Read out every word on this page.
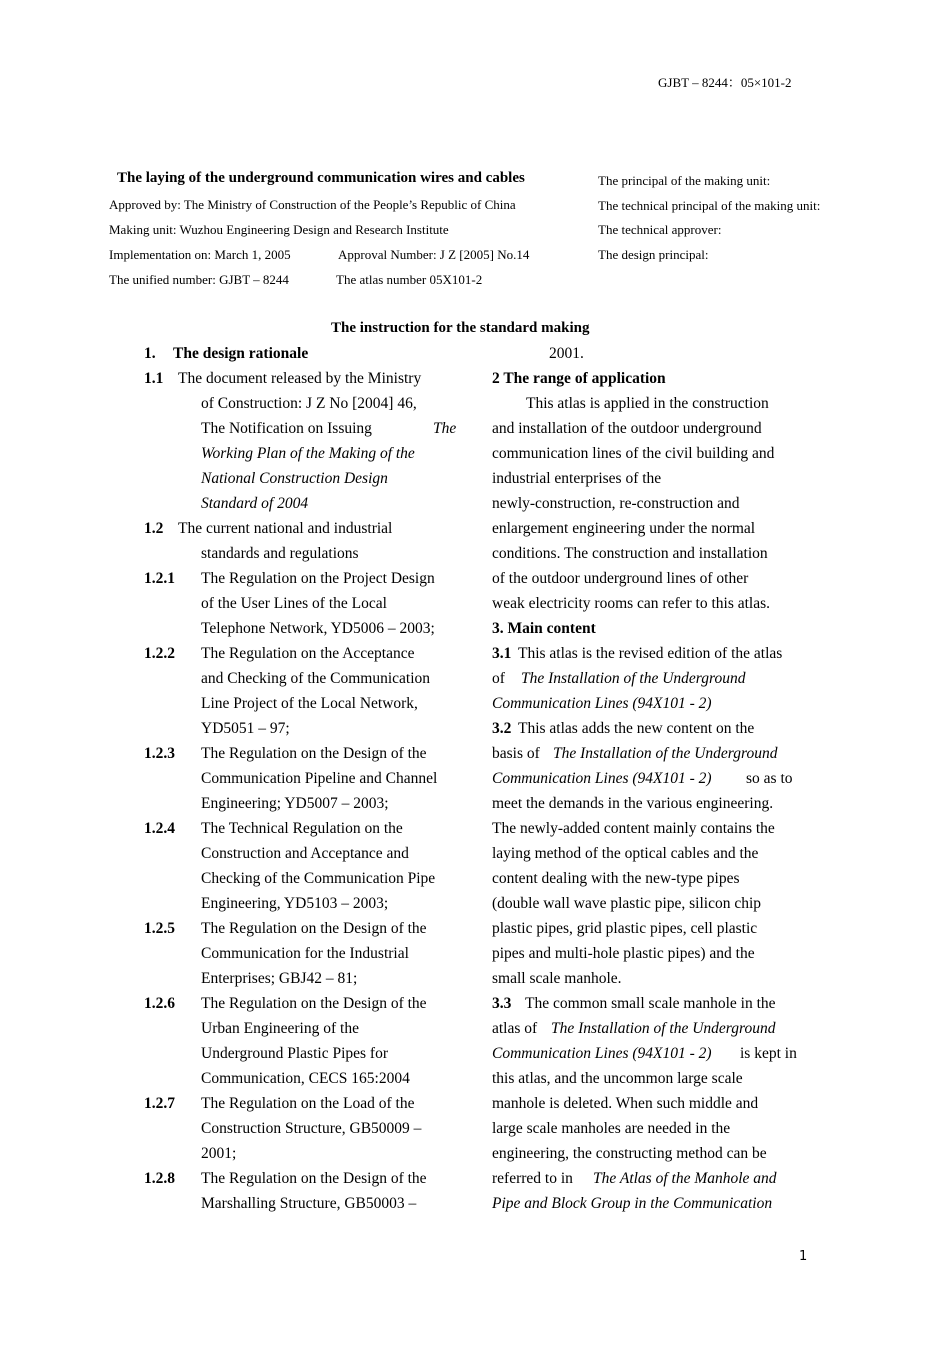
GJBT – 8244：05×101-2
The laying of the underground communication wires and cables
Approved by: The Ministry of Construction of the People’s Republic of China
Making unit: Wuzhou Engineering Design and Research Institute
Implementation on: March 1, 2005	Approval Number: J Z [2005] No.14
The unified number: GJBT – 8244	The atlas number 05X101-2
The principal of the making unit:
The technical principal of the making unit:
The technical approver:
The design principal:
The instruction for the standard making
1. The design rationale
1.1 The document released by the Ministry
of Construction: J Z No [2004] 46,
The Notification on Issuing	The
Working Plan of the Making of the
National Construction Design
Standard of 2004
1.2 The current national and industrial
standards and regulations
1.2.1 The Regulation on the Project Design
of the User Lines of the Local
Telephone Network, YD5006 – 2003;
1.2.2 The Regulation on the Acceptance
and Checking of the Communication
Line Project of the Local Network,
YD5051 – 97;
1.2.3 The Regulation on the Design of the
Communication Pipeline and Channel
Engineering; YD5007 – 2003;
1.2.4 The Technical Regulation on the
Construction and Acceptance and
Checking of the Communication Pipe
Engineering, YD5103 – 2003;
1.2.5 The Regulation on the Design of the
Communication for the Industrial
Enterprises; GBJ42 – 81;
1.2.6 The Regulation on the Design of the
Urban Engineering of the
Underground Plastic Pipes for
Communication, CECS 165:2004
1.2.7 The Regulation on the Load of the
Construction Structure, GB50009 –
2001;
1.2.8 The Regulation on the Design of the
Marshalling Structure, GB50003 –
2001.
2 The range of application
This atlas is applied in the construction
and installation of the outdoor underground
communication lines of the civil building and
industrial enterprises of the
newly-construction, re-construction and
enlargement engineering under the normal
conditions. The construction and installation
of the outdoor underground lines of other
weak electricity rooms can refer to this atlas.
3. Main content
3.1 This atlas is the revised edition of the atlas
of The Installation of the Underground
Communication Lines (94X101 - 2)
3.2 This atlas adds the new content on the
basis of The Installation of the Underground
Communication Lines (94X101 - 2) so as to
meet the demands in the various engineering.
The newly-added content mainly contains the
laying method of the optical cables and the
content dealing with the new-type pipes
(double wall wave plastic pipe, silicon chip
plastic pipes, grid plastic pipes, cell plastic
pipes and multi-hole plastic pipes) and the
small scale manhole.
3.3 The common small scale manhole in the
atlas of The Installation of the Underground
Communication Lines (94X101 - 2) is kept in
this atlas, and the uncommon large scale
manhole is deleted. When such middle and
large scale manholes are needed in the
engineering, the constructing method can be
referred to in The Atlas of the Manhole and
Pipe and Block Group in the Communication
1
